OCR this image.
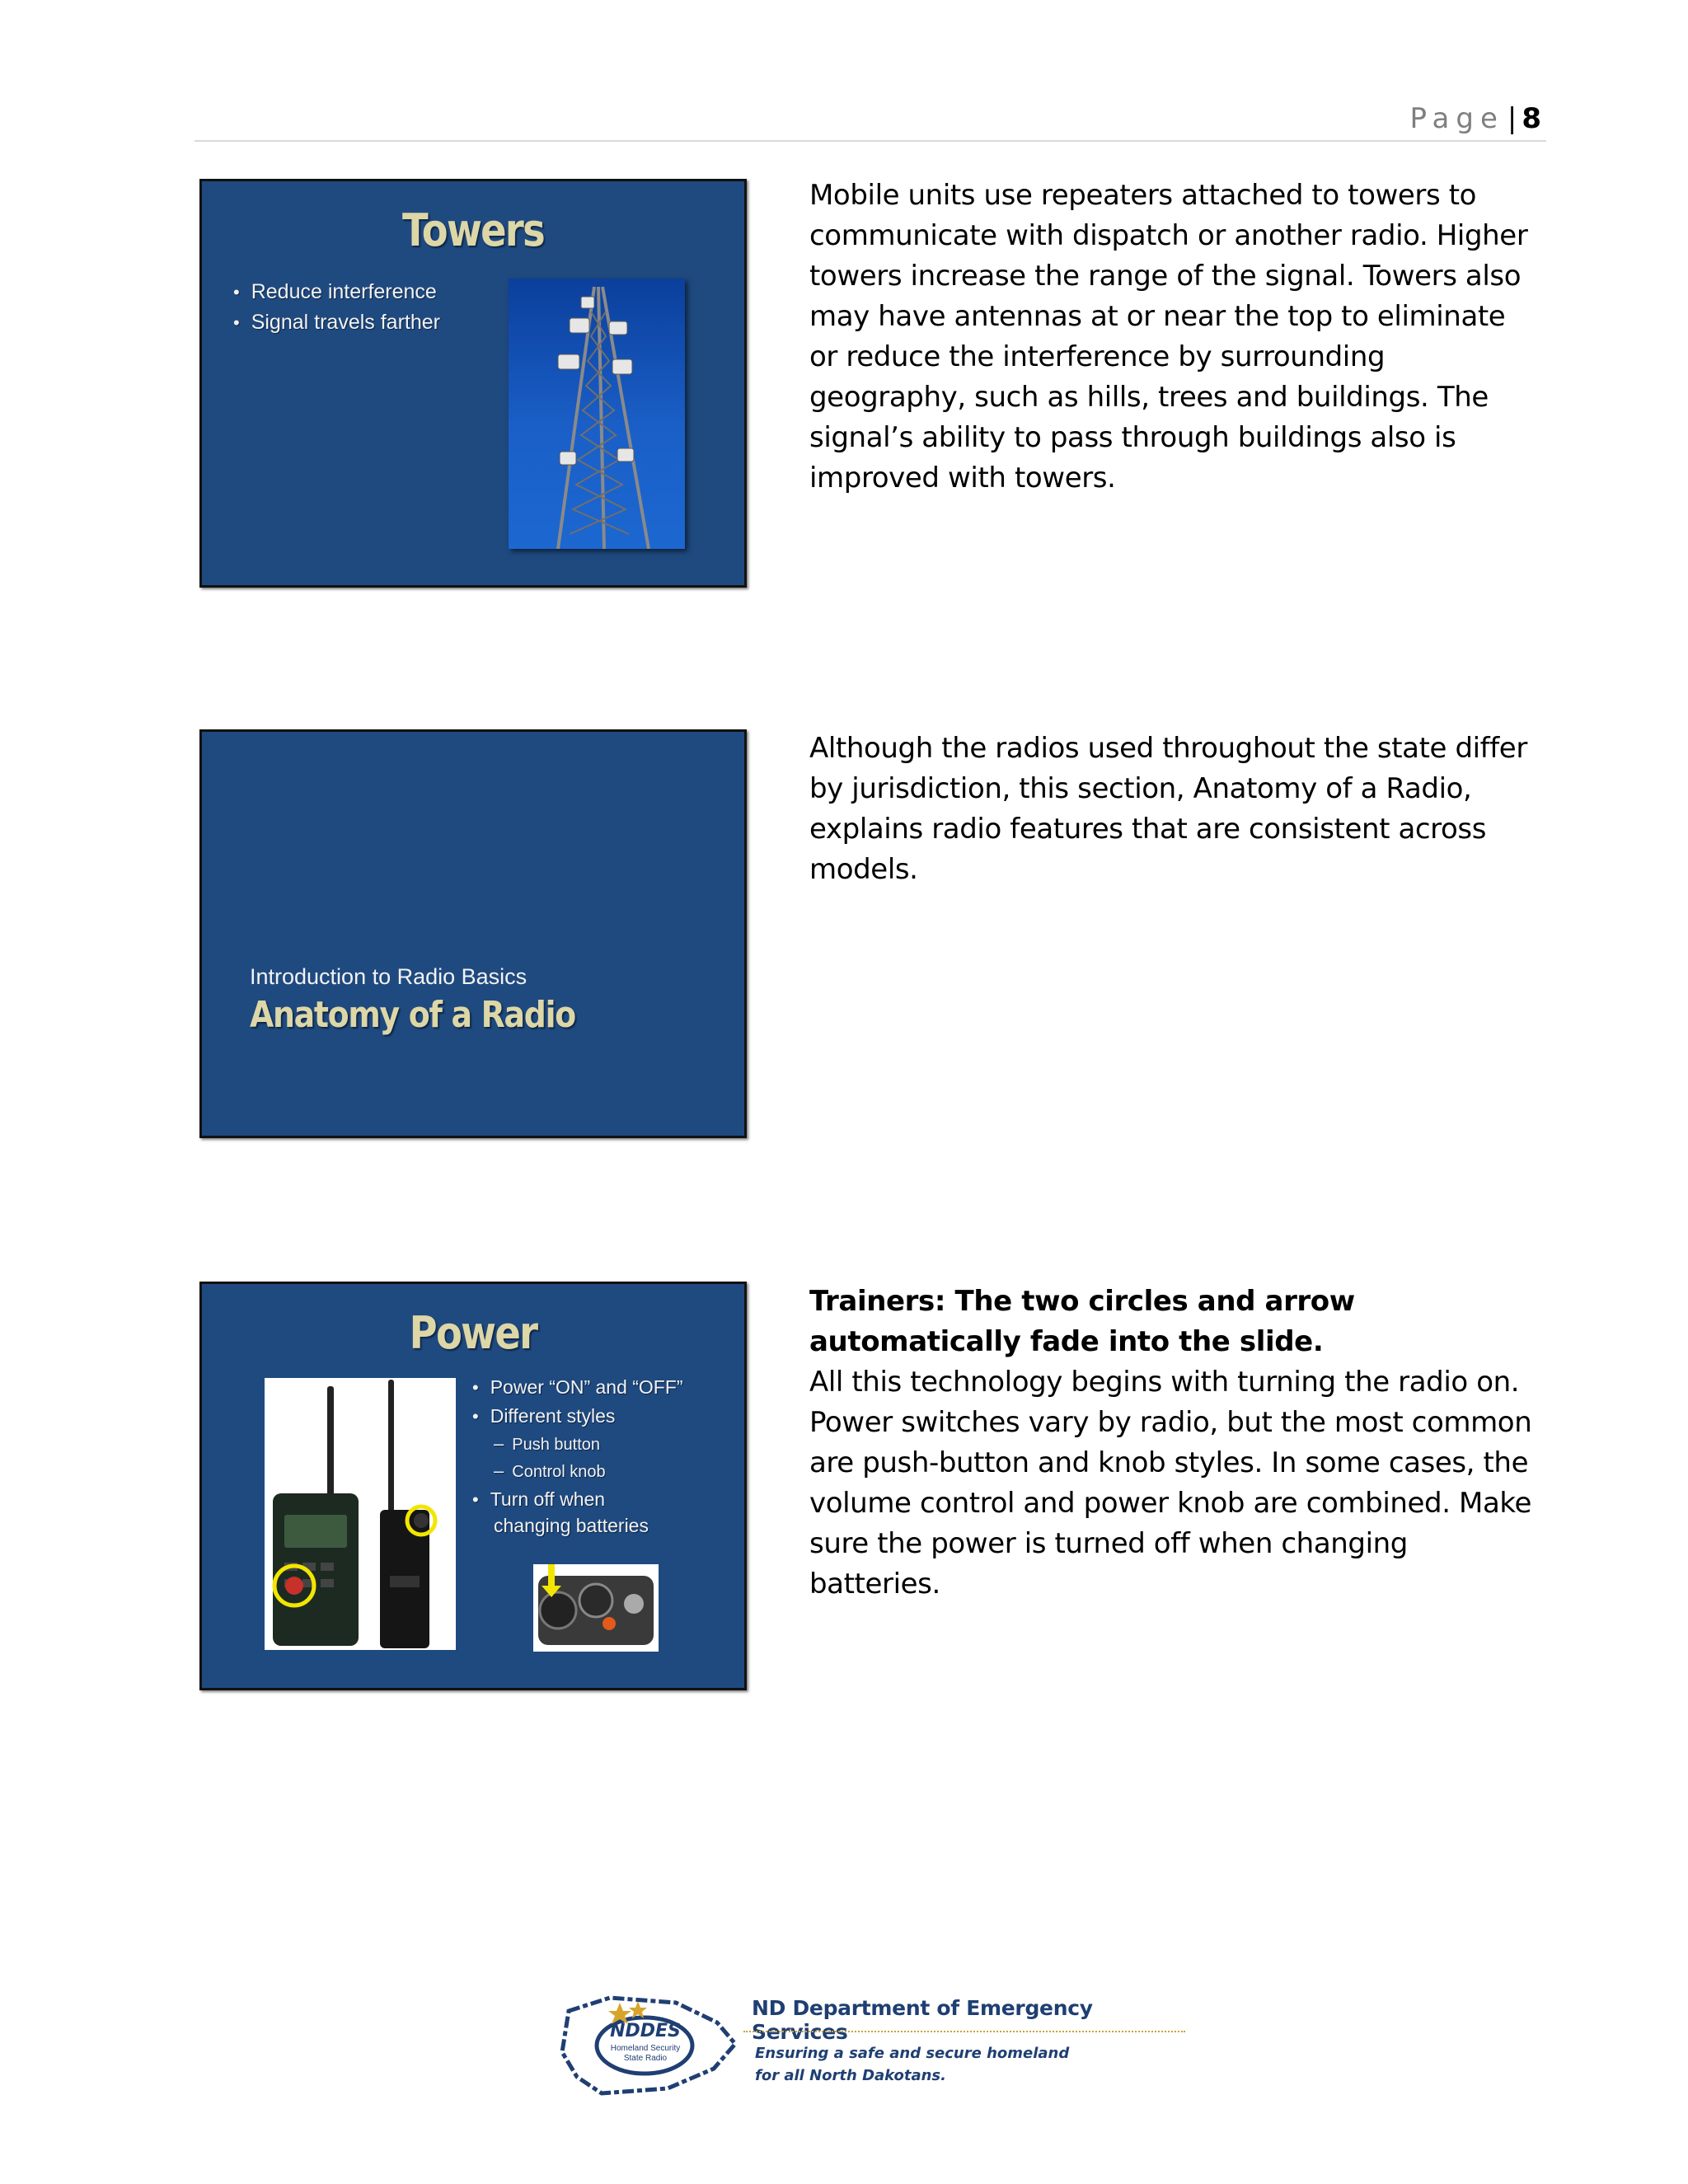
Page | 8
Towers
• Reduce interference
• Signal travels farther

Mobile units use repeaters attached to towers to communicate with dispatch or another radio. Higher towers increase the range of the signal. Towers also may have antennas at or near the top to eliminate or reduce the interference by surrounding geography, such as hills, trees and buildings. The signal’s ability to pass through buildings also is improved with towers.

Introduction to Radio Basics
Anatomy of a Radio

Although the radios used throughout the state differ by jurisdiction, this section, Anatomy of a Radio, explains radio features that are consistent across models.

Power
• Power “ON” and “OFF”
• Different styles
– Push button
– Control knob
• Turn off when
changing batteries

Trainers: The two circles and arrow automatically fade into the slide.

All this technology begins with turning the radio on. Power switches vary by radio, but the most common are push-button and knob styles. In some cases, the volume control and power knob are combined. Make sure the power is turned off when changing batteries.

NDDES
Homeland Security
State Radio
ND Department of Emergency Services
Ensuring a safe and secure homeland
for all North Dakotans.
